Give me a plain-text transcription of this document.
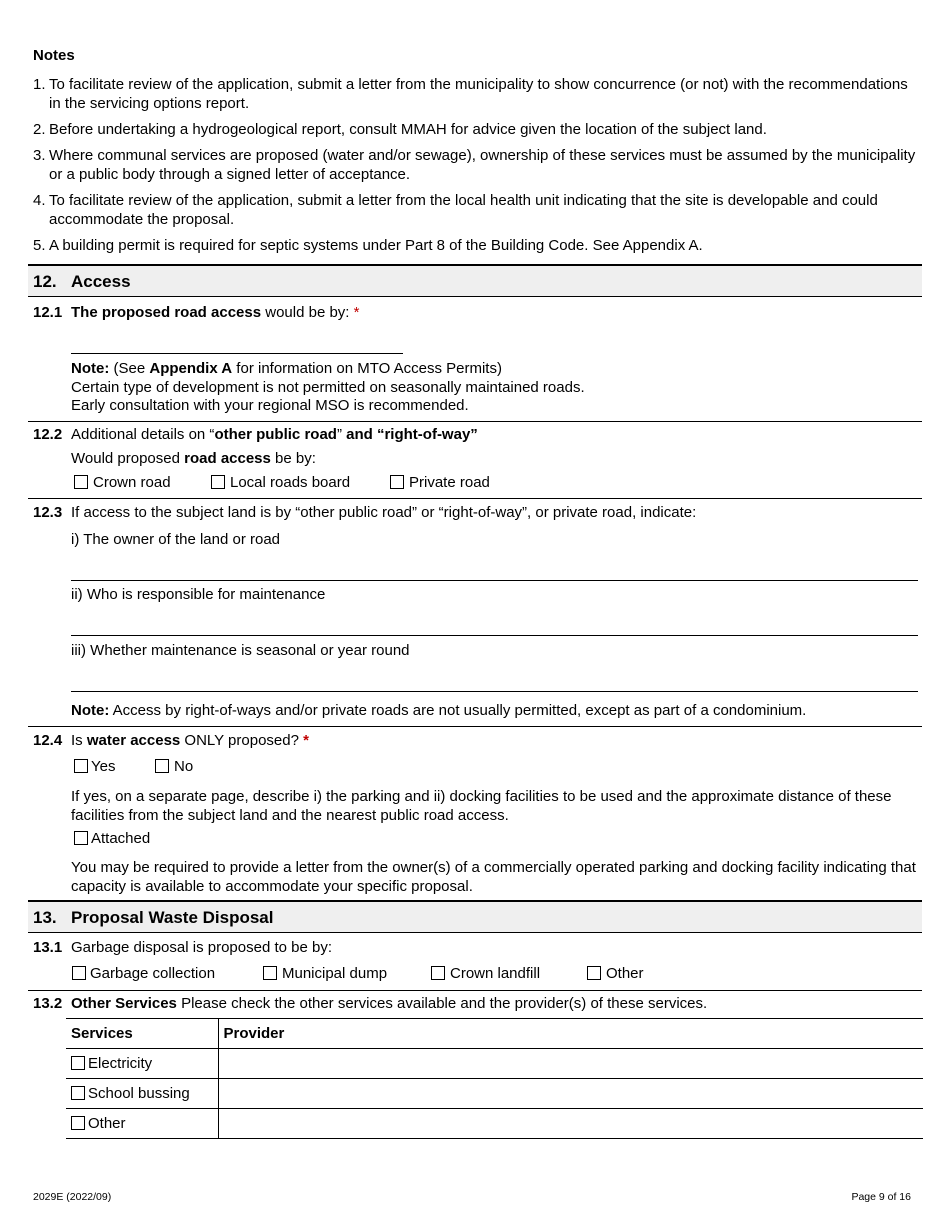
Notes
1. To facilitate review of the application, submit a letter from the municipality to show concurrence (or not) with the recommendations in the servicing options report.
2. Before undertaking a hydrogeological report, consult MMAH for advice given the location of the subject land.
3. Where communal services are proposed (water and/or sewage), ownership of these services must be assumed by the municipality or a public body through a signed letter of acceptance.
4. To facilitate review of the application, submit a letter from the local health unit indicating that the site is developable and could accommodate the proposal.
5. A building permit is required for septic systems under Part 8 of the Building Code. See Appendix A.
12. Access
12.1 The proposed road access would be by: *
Note: (See Appendix A for information on MTO Access Permits)
Certain type of development is not permitted on seasonally maintained roads.
Early consultation with your regional MSO is recommended.
12.2 Additional details on “other public road” and “right-of-way”
Would proposed road access be by:
Crown road	Local roads board	Private road
12.3 If access to the subject land is by “other public road” or “right-of-way”, or private road, indicate:
i) The owner of the land or road
ii) Who is responsible for maintenance
iii) Whether maintenance is seasonal or year round
Note: Access by right-of-ways and/or private roads are not usually permitted, except as part of a condominium.
12.4 Is water access ONLY proposed? *
Yes	No
If yes, on a separate page, describe i) the parking and ii) docking facilities to be used and the approximate distance of these facilities from the subject land and the nearest public road access.
Attached
You may be required to provide a letter from the owner(s) of a commercially operated parking and docking facility indicating that capacity is available to accommodate your specific proposal.
13. Proposal Waste Disposal
13.1 Garbage disposal is proposed to be by:
Garbage collection	Municipal dump	Crown landfill	Other
13.2 Other Services Please check the other services available and the provider(s) of these services.
Services	Provider
Electricity	
School bussing	
Other	
2029E (2022/09)	Page 9 of 16
